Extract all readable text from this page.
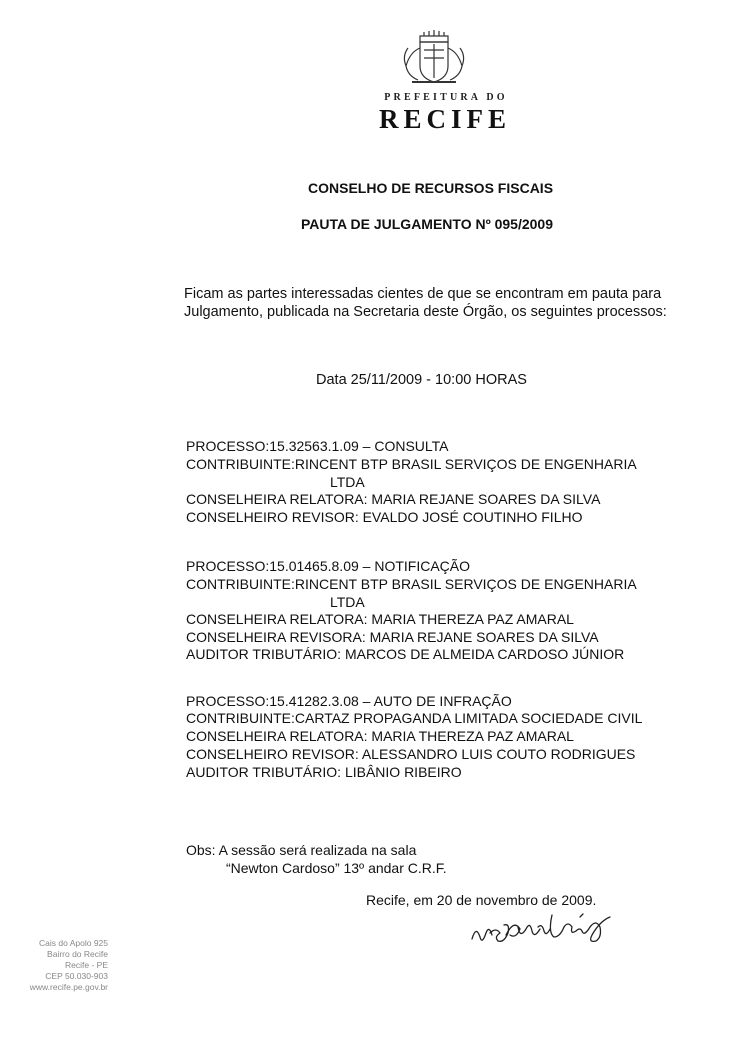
PREFEITURA DO
RECIFE
CONSELHO DE RECURSOS FISCAIS
PAUTA DE JULGAMENTO Nº 095/2009
Ficam as partes interessadas cientes de que se encontram em pauta para
Julgamento, publicada na Secretaria deste Órgão, os seguintes processos:
Data 25/11/2009 - 10:00 HORAS
PROCESSO:15.32563.1.09 – CONSULTA
CONTRIBUINTE:RINCENT BTP BRASIL SERVIÇOS DE ENGENHARIA
LTDA
CONSELHEIRA RELATORA: MARIA REJANE SOARES DA SILVA
CONSELHEIRO REVISOR: EVALDO JOSÉ COUTINHO FILHO
PROCESSO:15.01465.8.09 – NOTIFICAÇÃO
CONTRIBUINTE:RINCENT BTP BRASIL SERVIÇOS DE ENGENHARIA
LTDA
CONSELHEIRA RELATORA: MARIA THEREZA PAZ AMARAL
CONSELHEIRA REVISORA: MARIA REJANE SOARES DA SILVA
AUDITOR TRIBUTÁRIO: MARCOS DE ALMEIDA CARDOSO JÚNIOR
PROCESSO:15.41282.3.08 – AUTO DE INFRAÇÃO
CONTRIBUINTE:CARTAZ PROPAGANDA LIMITADA SOCIEDADE CIVIL
CONSELHEIRA RELATORA: MARIA THEREZA PAZ AMARAL
CONSELHEIRO REVISOR: ALESSANDRO LUIS COUTO RODRIGUES
AUDITOR TRIBUTÁRIO: LIBÂNIO RIBEIRO
Obs: A sessão será realizada na sala
“Newton Cardoso” 13º andar C.R.F.
Recife, em 20 de novembro de 2009.
Cais do Apolo 925
Bairro do Recife
Recife - PE
CEP 50.030-903
www.recife.pe.gov.br
